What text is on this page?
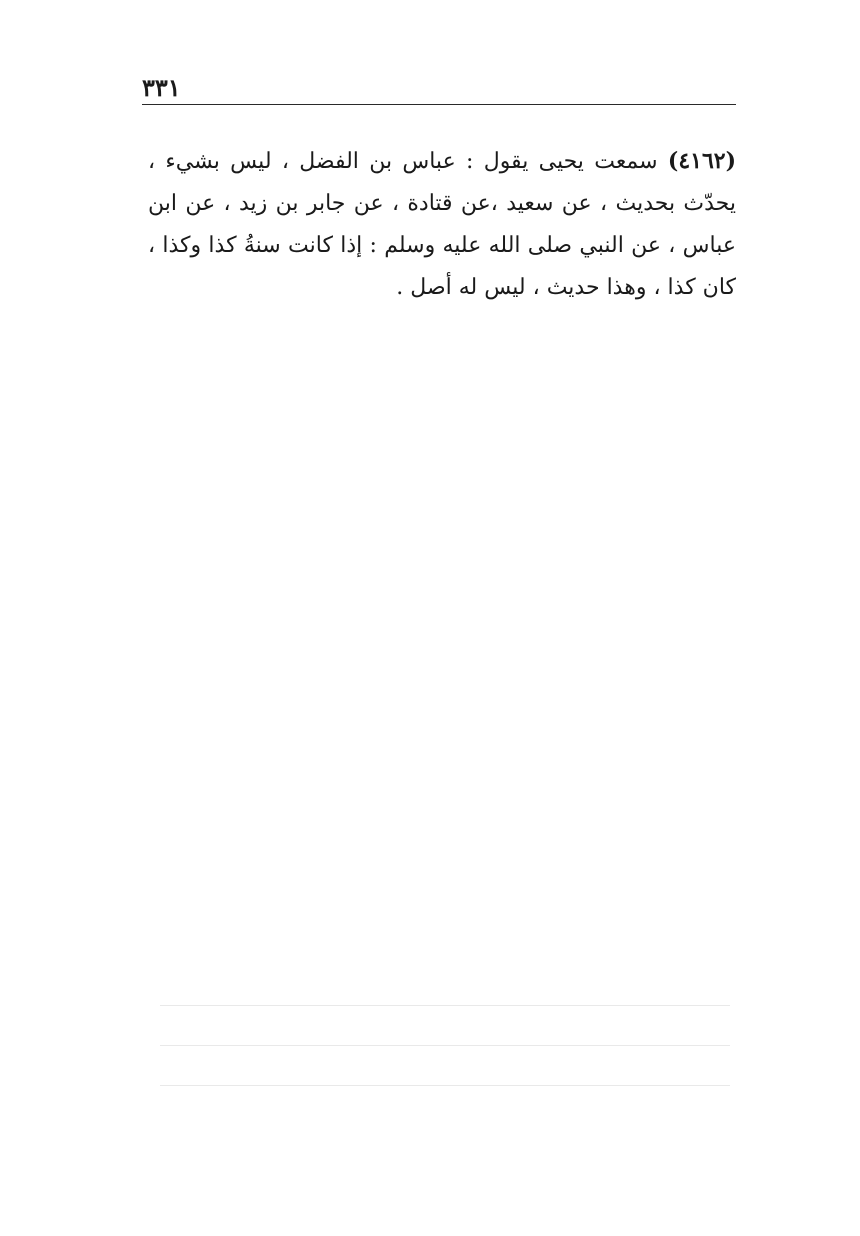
٣٣١
(٤١٦٢) سمعت يحيى يقول : عباس بن الفضل ، ليس بشيء ، يحدّث بحديث ، عن سعيد ،عن قتادة ، عن جابر بن زيد ، عن ابن عباس ، عن النبي صلى الله عليه وسلم : إذا كانت سنةُ كذا وكذا ، كان كذا ، وهذا حديث ، ليس له أصل .
